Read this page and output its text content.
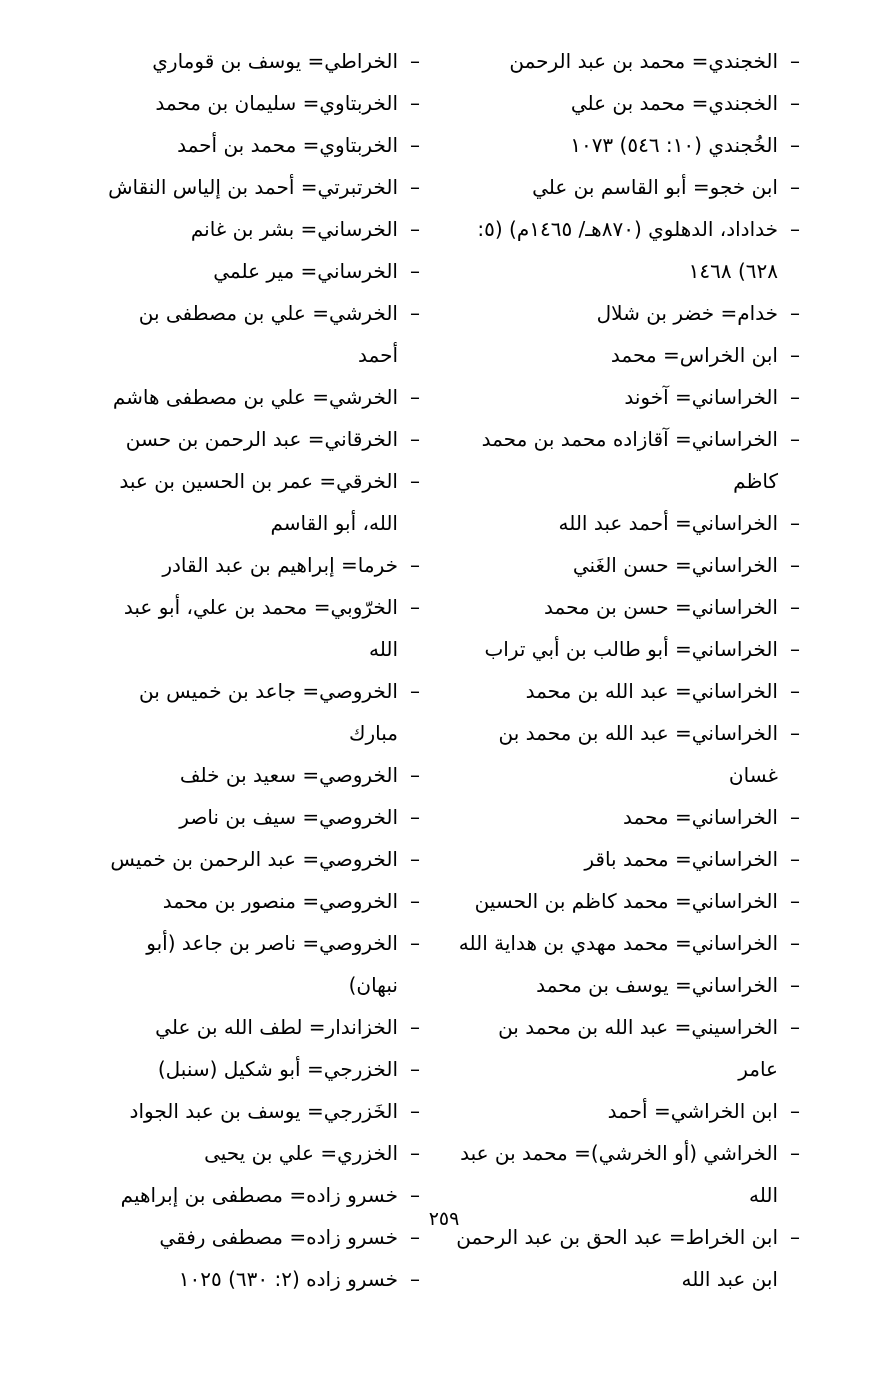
–
الخجندي= محمد بن عبد الرحمن
–
الخجندي= محمد بن علي
–
الخُجندي (١٠: ٥٤٦) ١٠٧٣
–
ابن خجو= أبو القاسم بن علي
–
خداداد، الدهلوي (٨٧٠هـ/ ١٤٦٥م) (٥: ٦٢٨) ١٤٦٨
–
خدام= خضر بن شلال
–
ابن الخراس= محمد
–
الخراساني= آخوند
–
الخراساني= آقازاده محمد بن محمد كاظم
–
الخراساني= أحمد عبد الله
–
الخراساني= حسن الغَني
–
الخراساني= حسن بن محمد
–
الخراساني= أبو طالب بن أبي تراب
–
الخراساني= عبد الله بن محمد
–
الخراساني= عبد الله بن محمد بن غسان
–
الخراساني= محمد
–
الخراساني= محمد باقر
–
الخراساني= محمد كاظم بن الحسين
–
الخراساني= محمد مهدي بن هداية الله
–
الخراساني= يوسف بن محمد
–
الخراسيني= عبد الله بن محمد بن عامر
–
ابن الخراشي= أحمد
–
الخراشي (أو الخرشي)= محمد بن عبد الله
–
ابن الخراط= عبد الحق بن عبد الرحمن ابن عبد الله
–
الخراطي= يوسف بن قوماري
–
الخربتاوي= سليمان بن محمد
–
الخربتاوي= محمد بن أحمد
–
الخرتبرتي= أحمد بن إلياس النقاش
–
الخرساني= بشر بن غانم
–
الخرساني= مير علمي
–
الخرشي= علي بن مصطفى بن أحمد
–
الخرشي= علي بن مصطفى هاشم
–
الخرقاني= عبد الرحمن بن حسن
–
الخرقي= عمر بن الحسين بن عبد الله، أبو القاسم
–
خرما= إبراهيم بن عبد القادر
–
الخرّوبي= محمد بن علي، أبو عبد الله
–
الخروصي= جاعد بن خميس بن مبارك
–
الخروصي= سعيد بن خلف
–
الخروصي= سيف بن ناصر
–
الخروصي= عبد الرحمن بن خميس
–
الخروصي= منصور بن محمد
–
الخروصي= ناصر بن جاعد (أبو نبهان)
–
الخزاندار= لطف الله بن علي
–
الخزرجي= أبو شكيل (سنبل)
–
الخَزرجي= يوسف بن عبد الجواد
–
الخزري= علي بن يحيى
–
خسرو زاده= مصطفى بن إبراهيم
–
خسرو زاده= مصطفى رفقي
–
خسرو زاده (٢: ٦٣٠) ١٠٢٥
٢٥٩
